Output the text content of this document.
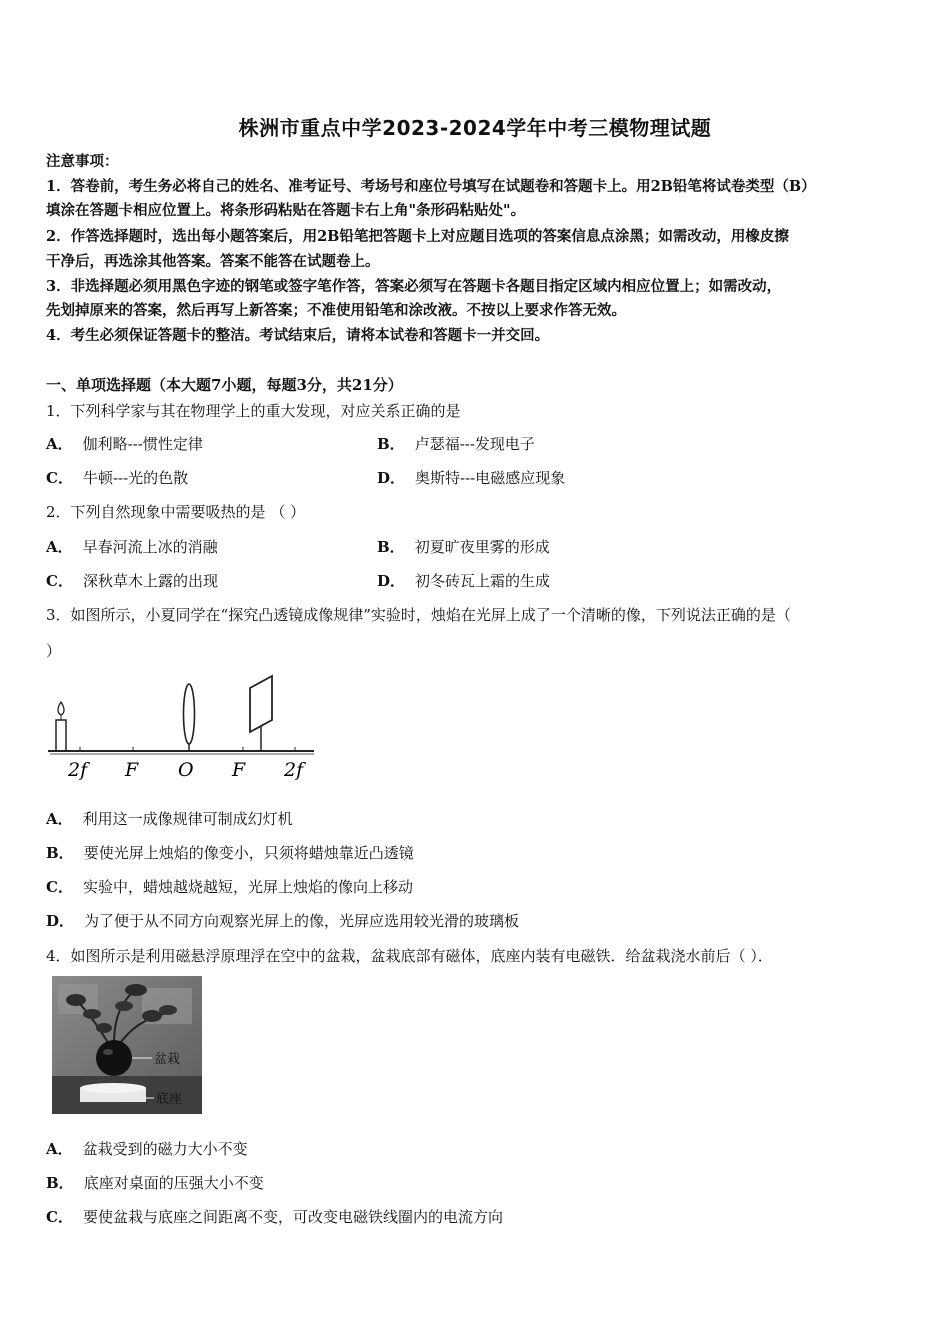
株洲市重点中学2023-2024学年中考三模物理试题
注意事项：
1．答卷前，考生务必将自己的姓名、准考证号、考场号和座位号填写在试题卷和答题卡上。用2B铅笔将试卷类型（B）
填涂在答题卡相应位置上。将条形码粘贴在答题卡右上角"条形码粘贴处"。
2．作答选择题时，选出每小题答案后，用2B铅笔把答题卡上对应题目选项的答案信息点涂黑；如需改动，用橡皮擦
干净后，再选涂其他答案。答案不能答在试题卷上。
3．非选择题必须用黑色字迹的钢笔或签字笔作答，答案必须写在答题卡各题目指定区域内相应位置上；如需改动，
先划掉原来的答案，然后再写上新答案；不准使用铅笔和涂改液。不按以上要求作答无效。
4．考生必须保证答题卡的整洁。考试结束后，请将本试卷和答题卡一并交回。
一、单项选择题（本大题7小题，每题3分，共21分）
1．下列科学家与其在物理学上的重大发现，对应关系正确的是
A． 伽利略---惯性定律	B． 卢瑟福---发现电子
C． 牛顿---光的色散	D． 奥斯特---电磁感应现象
2．下列自然现象中需要吸热的是 （ ）
A． 早春河流上冰的消融	B． 初夏旷夜里雾的形成
C． 深秋草木上露的出现	D． 初冬砖瓦上霜的生成
3．如图所示，小夏同学在“探究凸透镜成像规律”实验时，烛焰在光屏上成了一个清晰的像，下列说法正确的是（
）
2f F O F 2f
A． 利用这一成像规律可制成幻灯机
B． 要使光屏上烛焰的像变小，只须将蜡烛靠近凸透镜
C． 实验中，蜡烛越烧越短，光屏上烛焰的像向上移动
D． 为了便于从不同方向观察光屏上的像，光屏应选用较光滑的玻璃板
4．如图所示是利用磁悬浮原理浮在空中的盆栽，盆栽底部有磁体，底座内装有电磁铁．给盆栽浇水前后（ ）．
盆栽
底座
A． 盆栽受到的磁力大小不变
B． 底座对桌面的压强大小不变
C． 要使盆栽与底座之间距离不变，可改变电磁铁线圈内的电流方向
